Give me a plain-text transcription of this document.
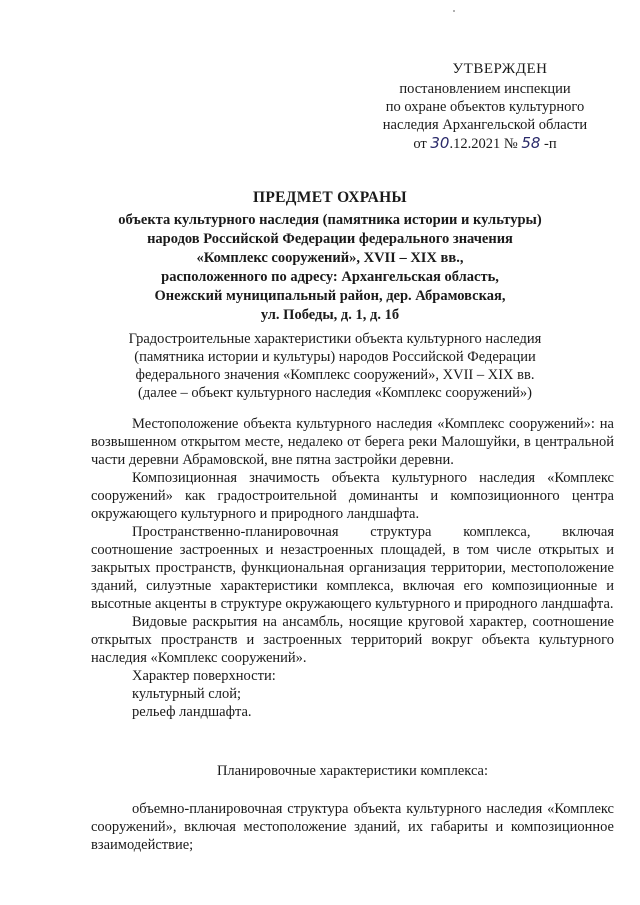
УТВЕРЖДЕН
постановлением инспекции
по охране объектов культурного
наследия Архангельской области
от 30.12.2021 № 58 -п
ПРЕДМЕТ ОХРАНЫ
объекта культурного наследия (памятника истории и культуры)
народов Российской Федерации федерального значения
«Комплекс сооружений», XVII – XIX вв.,
расположенного по адресу: Архангельская область,
Онежский муниципальный район, дер. Абрамовская,
ул. Победы, д. 1, д. 1б
Градостроительные характеристики объекта культурного наследия
(памятника истории и культуры) народов Российской Федерации
федерального значения «Комплекс сооружений», XVII – XIX вв.
(далее – объект культурного наследия «Комплекс сооружений»)

Местоположение объекта культурного наследия «Комплекс сооружений»: на возвышенном открытом месте, недалеко от берега реки Малошуйки, в центральной части деревни Абрамовской, вне пятна застройки деревни.

Композиционная значимость объекта культурного наследия «Комплекс сооружений» как градостроительной доминанты и композиционного центра окружающего культурного и природного ландшафта.

Пространственно-планировочная структура комплекса, включая соотношение застроенных и незастроенных площадей, в том числе открытых и закрытых пространств, функциональная организация территории, местоположение зданий, силуэтные характеристики комплекса, включая его композиционные и высотные акценты в структуре окружающего культурного и природного ландшафта.

Видовые раскрытия на ансамбль, носящие круговой характер, соотношение открытых пространств и застроенных территорий вокруг объекта культурного наследия «Комплекс сооружений».

Характер поверхности:

культурный слой;

рельеф ландшафта.

Планировочные характеристики комплекса:

объемно-планировочная структура объекта культурного наследия «Комплекс сооружений», включая местоположение зданий, их габариты и композиционное взаимодействие;
